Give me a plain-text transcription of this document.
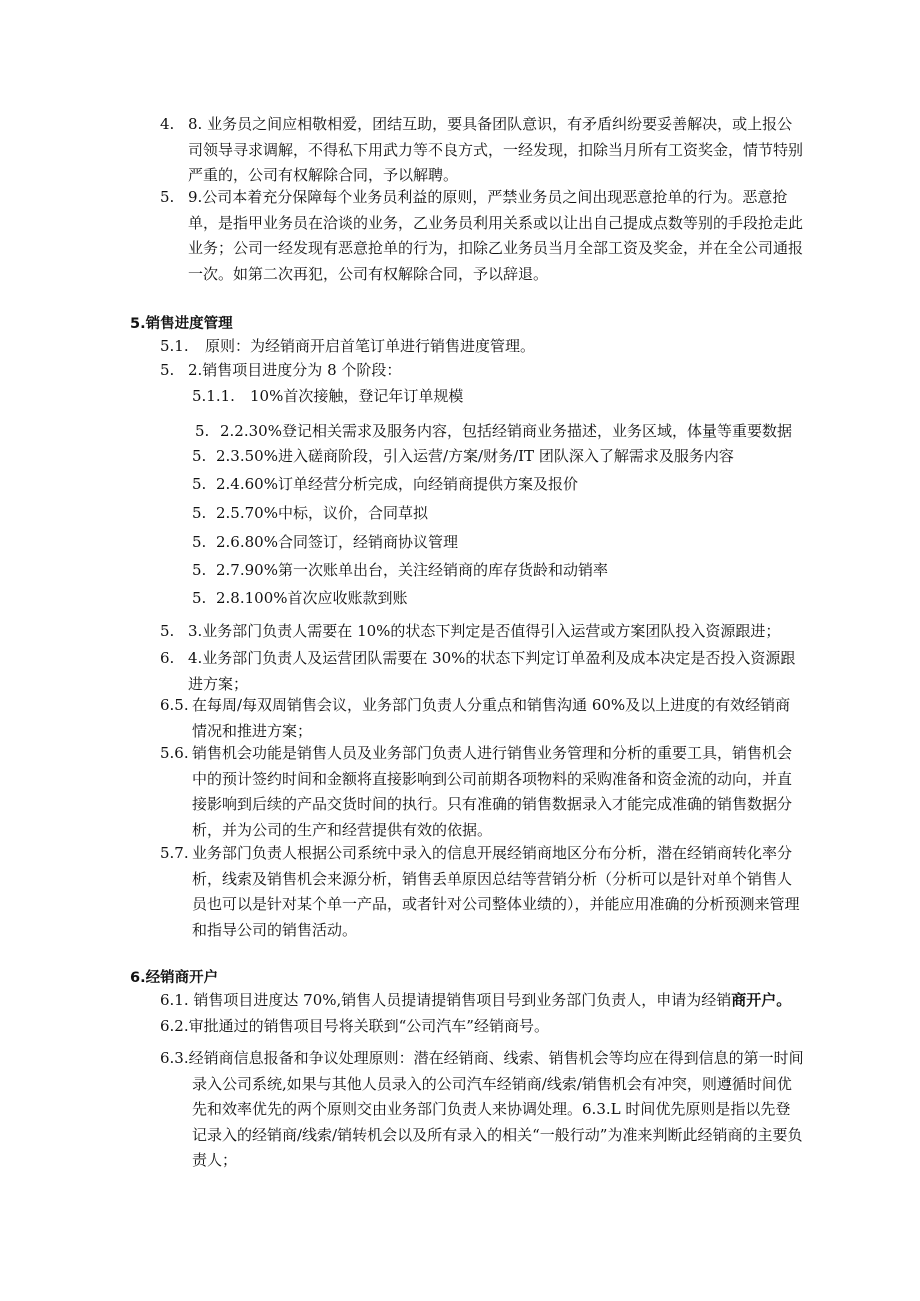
4. 8. 业务员之间应相敬相爱，团结互助，要具备团队意识，有矛盾纠纷要妥善解决，或上报公司领导寻求调解，不得私下用武力等不良方式，一经发现，扣除当月所有工资奖金，情节特别严重的，公司有权解除合同，予以解聘。
5. 9.公司本着充分保障每个业务员利益的原则，严禁业务员之间出现恶意抢单的行为。恶意抢单，是指甲业务员在洽谈的业务，乙业务员利用关系或以让出自己提成点数等别的手段抢走此业务；公司一经发现有恶意抢单的行为，扣除乙业务员当月全部工资及奖金，并在全公司通报一次。如第二次再犯，公司有权解除合同，予以辞退。
5.销售进度管理
5.1. 原则：为经销商开启首笔订单进行销售进度管理。
5. 2.销售项目进度分为 8 个阶段：
5.1.1. 10%首次接触，登记年订单规模
5. 2.2.30%登记相关需求及服务内容，包括经销商业务描述，业务区域，体量等重要数据
5. 2.3.50%进入磋商阶段，引入运营/方案/财务/IT 团队深入了解需求及服务内容
5. 2.4.60%订单经营分析完成，向经销商提供方案及报价
5. 2.5.70%中标，议价，合同草拟
5. 2.6.80%合同签订，经销商协议管理
5. 2.7.90%第一次账单出台，关注经销商的库存货龄和动销率
5. 2.8.100%首次应收账款到账
5. 3.业务部门负责人需要在 10%的状态下判定是否值得引入运营或方案团队投入资源跟进；
6. 4.业务部门负责人及运营团队需要在 30%的状态下判定订单盈利及成本决定是否投入资源跟进方案；
6.5. 在每周/每双周销售会议，业务部门负责人分重点和销售沟通 60%及以上进度的有效经销商情况和推进方案；
5.6. 销售机会功能是销售人员及业务部门负责人进行销售业务管理和分析的重要工具，销售机会中的预计签约时间和金额将直接影响到公司前期各项物料的采购准备和资金流的动向，并直接影响到后续的产品交货时间的执行。只有准确的销售数据录入才能完成准确的销售数据分析，并为公司的生产和经营提供有效的依据。
5.7. 业务部门负责人根据公司系统中录入的信息开展经销商地区分布分析，潜在经销商转化率分析，线索及销售机会来源分析，销售丢单原因总结等营销分析（分析可以是针对单个销售人员也可以是针对某个单一产品，或者针对公司整体业绩的），并能应用准确的分析预测来管理和指导公司的销售活动。
6.经销商开户
6.1. 销售项目进度达 70%,销售人员提请提销售项目号到业务部门负责人，申请为经销商开户。
6.2.审批通过的销售项目号将关联到“公司汽车”经销商号。
6.3.经销商信息报备和争议处理原则：潜在经销商、线索、销售机会等均应在得到信息的第一时间录入公司系统,如果与其他人员录入的公司汽车经销商/线索/销售机会有冲突，则遵循时间优先和效率优先的两个原则交由业务部门负责人来协调处理。6.3.L 时间优先原则是指以先登记录入的经销商/线索/销转机会以及所有录入的相关“一般行动”为准来判断此经销商的主要负责人；
